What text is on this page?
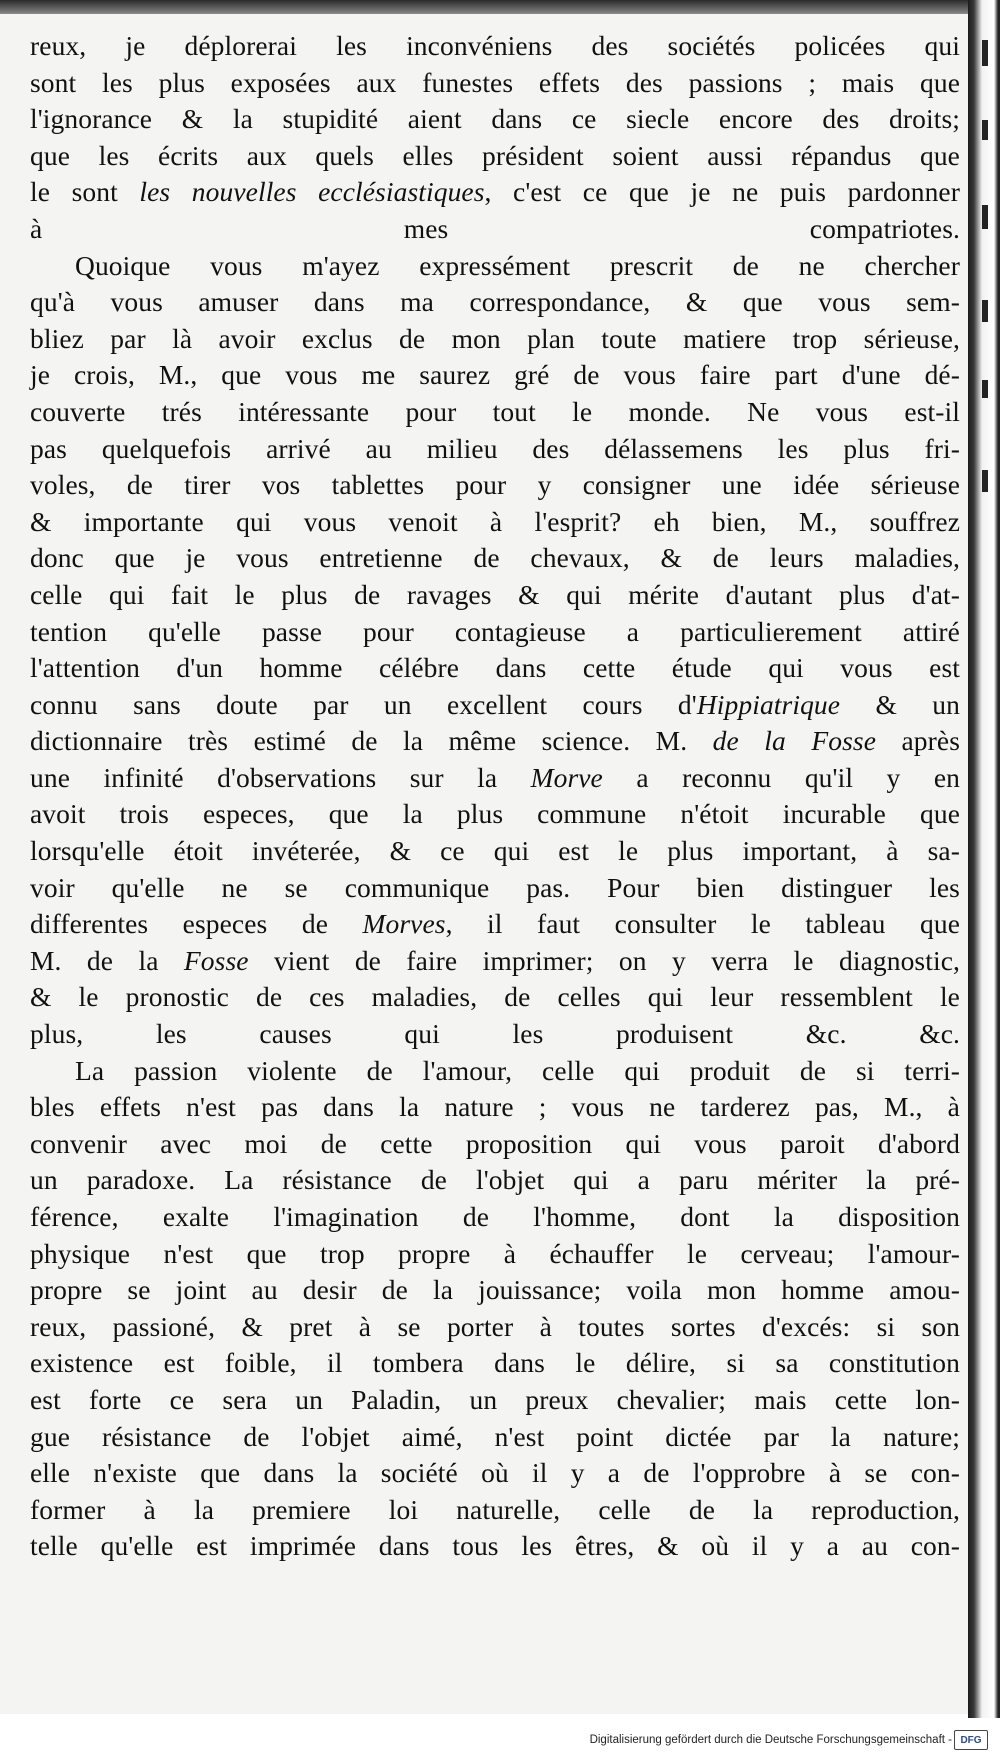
reux, je déplorerai les inconvéniens des sociétés policées qui
sont les plus exposées aux funestes effets des passions ; mais que
l'ignorance & la stupidité aient dans ce siecle encore des droits;
que les écrits aux quels elles président soient aussi répandus que
le sont les nouvelles ecclésiastiques, c'est ce que je ne puis pardonner
à mes compatriotes.
Quoique vous m'ayez expressément prescrit de ne chercher
qu'à vous amuser dans ma correspondance, & que vous sem-
bliez par là avoir exclus de mon plan toute matiere trop sérieuse,
je crois, M., que vous me saurez gré de vous faire part d'une dé-
couverte trés intéressante pour tout le monde. Ne vous est-il
pas quelquefois arrivé au milieu des délassemens les plus fri-
voles, de tirer vos tablettes pour y consigner une idée sérieuse
& importante qui vous venoit à l'esprit? eh bien, M., souffrez
donc que je vous entretienne de chevaux, & de leurs maladies,
celle qui fait le plus de ravages & qui mérite d'autant plus d'at-
tention qu'elle passe pour contagieuse a particulierement attiré
l'attention d'un homme célébre dans cette étude qui vous est
connu sans doute par un excellent cours d'Hippiatrique & un
dictionnaire très estimé de la même science. M. de la Fosse après
une infinité d'observations sur la Morve a reconnu qu'il y en
avoit trois especes, que la plus commune n'étoit incurable que
lorsqu'elle étoit invéterée, & ce qui est le plus important, à sa-
voir qu'elle ne se communique pas. Pour bien distinguer les
differentes especes de Morves, il faut consulter le tableau que
M. de la Fosse vient de faire imprimer; on y verra le diagnostic,
& le pronostic de ces maladies, de celles qui leur ressemblent le
plus, les causes qui les produisent &c. &c.
La passion violente de l'amour, celle qui produit de si terri-
bles effets n'est pas dans la nature ; vous ne tarderez pas, M., à
convenir avec moi de cette proposition qui vous paroit d'abord
un paradoxe. La résistance de l'objet qui a paru mériter la pré-
férence, exalte l'imagination de l'homme, dont la disposition
physique n'est que trop propre à échauffer le cerveau; l'amour-
propre se joint au desir de la jouissance; voila mon homme amou-
reux, passioné, & pret à se porter à toutes sortes d'excés: si son
existence est foible, il tombera dans le délire, si sa constitution
est forte ce sera un Paladin, un preux chevalier; mais cette lon-
gue résistance de l'objet aimé, n'est point dictée par la nature;
elle n'existe que dans la société où il y a de l'opprobre à se con-
former à la premiere loi naturelle, celle de la reproduction,
telle qu'elle est imprimée dans tous les êtres, & où il y a au con-
Digitalisierung gefördert durch die Deutsche Forschungsgemeinschaft - DFG
